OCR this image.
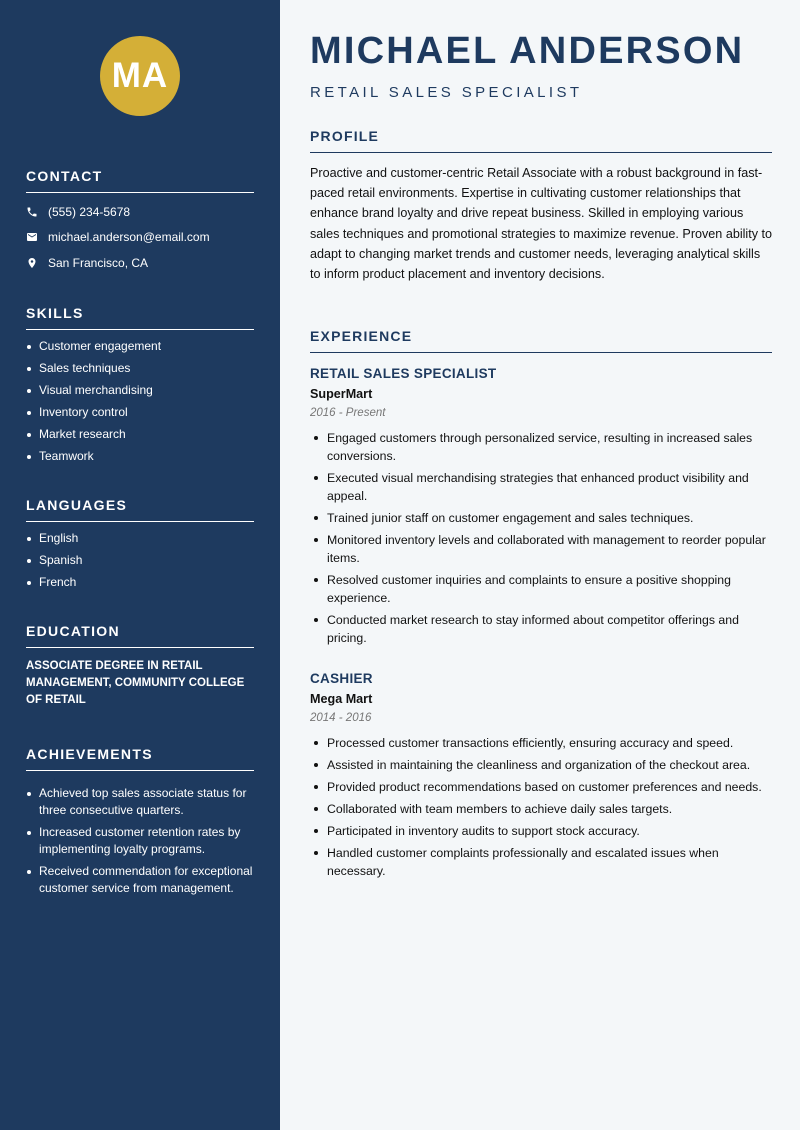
MA
CONTACT
(555) 234-5678
michael.anderson@email.com
San Francisco, CA
SKILLS
Customer engagement
Sales techniques
Visual merchandising
Inventory control
Market research
Teamwork
LANGUAGES
English
Spanish
French
EDUCATION
ASSOCIATE DEGREE IN RETAIL MANAGEMENT, COMMUNITY COLLEGE OF RETAIL
ACHIEVEMENTS
Achieved top sales associate status for three consecutive quarters.
Increased customer retention rates by implementing loyalty programs.
Received commendation for exceptional customer service from management.
MICHAEL ANDERSON
RETAIL SALES SPECIALIST
PROFILE
Proactive and customer-centric Retail Associate with a robust background in fast-paced retail environments. Expertise in cultivating customer relationships that enhance brand loyalty and drive repeat business. Skilled in employing various sales techniques and promotional strategies to maximize revenue. Proven ability to adapt to changing market trends and customer needs, leveraging analytical skills to inform product placement and inventory decisions.
EXPERIENCE
RETAIL SALES SPECIALIST
SuperMart
2016 - Present
Engaged customers through personalized service, resulting in increased sales conversions.
Executed visual merchandising strategies that enhanced product visibility and appeal.
Trained junior staff on customer engagement and sales techniques.
Monitored inventory levels and collaborated with management to reorder popular items.
Resolved customer inquiries and complaints to ensure a positive shopping experience.
Conducted market research to stay informed about competitor offerings and pricing.
CASHIER
Mega Mart
2014 - 2016
Processed customer transactions efficiently, ensuring accuracy and speed.
Assisted in maintaining the cleanliness and organization of the checkout area.
Provided product recommendations based on customer preferences and needs.
Collaborated with team members to achieve daily sales targets.
Participated in inventory audits to support stock accuracy.
Handled customer complaints professionally and escalated issues when necessary.
